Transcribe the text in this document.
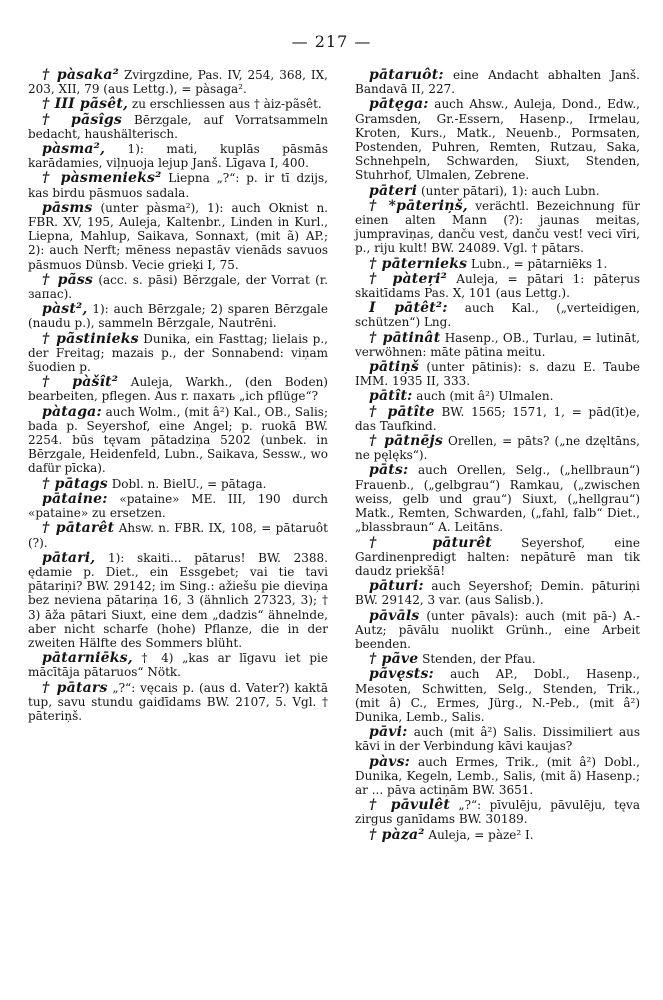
— 217 —

† pàsaka² Zvirgzdine, Pas. IV, 254, 368, IX, 203, XII, 79 (aus Lettg.), = pàsaga².

† III pãsêt, zu erschliessen aus † àiz-pãsêt.

† pãsîgs Bērzgale, auf Vorratsammeln bedacht, haushälterisch.

pàsma², 1): mati, kuplās pāsmās karādamies, viļņuoja lejup Janš. Līgava I, 400.

† pàsmenieks² Liepna „?“: p. ir tī dzijs, kas birdu pāsmuos sadala.

pāsms (unter pàsma²), 1): auch Oknist n. FBR. XV, 195, Auleja, Kaltenbr., Linden in Kurl., Liepna, Mahlup, Saikava, Sonnaxt, (mit ã) AP.; 2): auch Nerft; mēness nepastāv vienāds savuos pāsmuos Dünsb. Vecie grieķi I, 75.

† pãss (acc. s. pāsi) Bērzgale, der Vorrat (r. запас).

pàst², 1): auch Bērzgale; 2) sparen Bērzgale (naudu p.), sammeln Bērzgale, Nautrēni.

† pãstinieks Dunika, ein Fasttag; lielais p., der Freitag; mazais p., der Sonnabend: viņam šuodien p.

† pàšît² Auleja, Warkh., (den Boden) bearbeiten, pflegen. Aus r. пахать „ich pflüge“?

pàtaga: auch Wolm., (mit â²) Kal., OB., Salis; bada p. Seyershof, eine Angel; p. ruokā BW. 2254. būs tęvam pātadziņa 5202 (unbek. in Bērzgale, Heidenfeld, Lubn., Saikava, Sessw., wo dafür pīcka).

† pātags Dobl. n. BielU., = pātaga.

pātaine: «pataine» ME. III, 190 durch «pataine» zu ersetzen.

† pātarêt Ahsw. n. FBR. IX, 108, = pātaruôt (?).

pātari, 1): skaiti... pātarus! BW. 2388. ędamie p. Diet., ein Essgebet; vai tie tavi pātariņi? BW. 29142; im Sing.: ažiešu pie dieviņa bez neviena pātariņa 16, 3 (ähnlich 27323, 3); † 3) āža pātari Siuxt, eine dem „dadzis“ ähnelnde, aber nicht scharfe (hohe) Pflanze, die in der zweiten Hälfte des Sommers blüht.

pātarniēks, † 4) „kas ar līgavu iet pie mācītāja pātaruos“ Nötk.

† pātars „?“: vęcais p. (aus d. Vater?) kaktā tup, savu stundu gaidīdams BW. 2107, 5. Vgl. † pāteriņš.

pātaruôt: eine Andacht abhalten Janš. Bandavā II, 227.

pātęga: auch Ahsw., Auleja, Dond., Edw., Gramsden, Gr.-Essern, Hasenp., Irmelau, Kroten, Kurs., Matk., Neuenb., Pormsaten, Postenden, Puhren, Remten, Rutzau, Saka, Schnehpeln, Schwarden, Siuxt, Stenden, Stuhrhof, Ulmalen, Zebrene.

pāteri (unter pātari), 1): auch Lubn.

† *pāteriņš, verächtl. Bezeichnung für einen alten Mann (?): jaunas meitas, jumpraviņas, danču vest, danču vest! veci vīri, p., riju kult! BW. 24089. Vgl. † pātars.

† pāternieks Lubn., = pātarniēks 1.

† pàteŗi² Auleja, = pātari 1: pāteŗus skaitīdams Pas. X, 101 (aus Lettg.).

I pātêt²: auch Kal., („verteidigen, schützen“) Lng.

† pātinât Hasenp., OB., Turlau, = lutināt, verwöhnen: māte pātina meitu.

pātiņš (unter pātinis): s. dazu E. Taube IMM. 1935 II, 333.

pātît: auch (mit â²) Ulmalen.

† pātîte BW. 1565; 1571, 1, = pād(īt)e, das Taufkind.

† pātnējs Orellen, = pāts? („ne dzęltāns, ne pęlęks“).

pāts: auch Orellen, Selg., („hellbraun“) Frauenb., („gelbgrau“) Ramkau, („zwischen weiss, gelb und grau“) Siuxt, („hellgrau“) Matk., Remten, Schwarden, („fahl, falb“ Diet., „blassbraun“ A. Leitāns.

† pāturêt Seyershof, eine Gardinenpredigt halten: nepāturē man tik daudz priekšā!

pāturi: auch Seyershof; Demin. pāturiņi BW. 29142, 3 var. (aus Salisb.).

pāvāls (unter pāvals): auch (mit pā-) A.-Autz; pāvālu nuolikt Grünh., eine Arbeit beenden.

† pãve Stenden, der Pfau.

pãvęsts: auch AP., Dobl., Hasenp., Mesoten, Schwitten, Selg., Stenden, Trik., (mit â) C., Ermes, Jürg., N.-Peb., (mit â²) Dunika, Lemb., Salis.

pāvi: auch (mit â²) Salis. Dissimiliert aus kāvi in der Verbindung kāvi kaujas?

pàvs: auch Ermes, Trik., (mit â²) Dobl., Dunika, Kegeln, Lemb., Salis, (mit ã) Hasenp.; ar ... pāva actiņām BW. 3651.

† pāvulêt „?“: pīvulēju, pāvulēju, tęva zirgus ganīdams BW. 30189.

† pàza² Auleja, = pàze² I.
